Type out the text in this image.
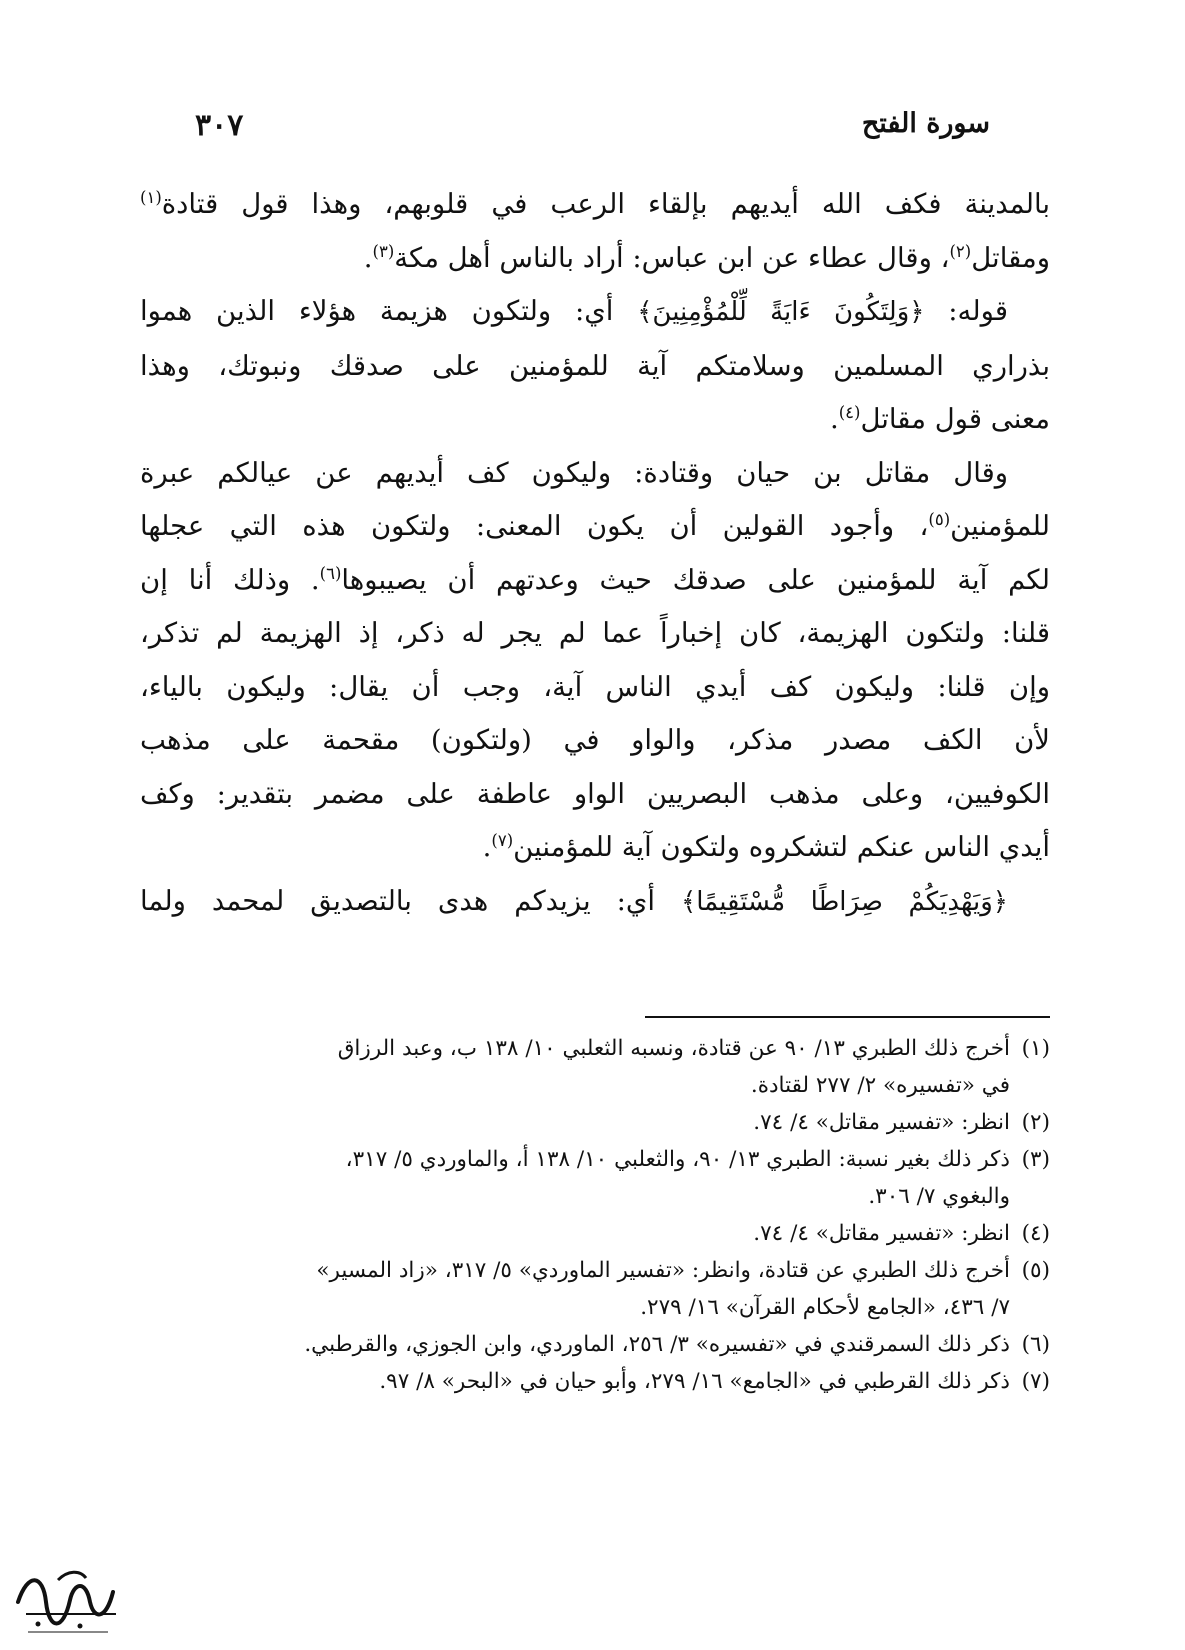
سورة الفتح
٣٠٧

بالمدينة فكف الله أيديهم بإلقاء الرعب في قلوبهم، وهذا قول قتادة$^{(١)}$
ومقاتل$^{(٢)}$، وقال عطاء عن ابن عباس: أراد بالناس أهل مكة$^{(٣)}$.

قوله: ﴿وَلِتَكُونَ ءَايَةً لِّلْمُؤْمِنِينَ﴾ أي: ولتكون هزيمة هؤلاء الذين هموا
بذراري المسلمين وسلامتكم آية للمؤمنين على صدقك ونبوتك، وهذا
معنى قول مقاتل$^{(٤)}$.

وقال مقاتل بن حيان وقتادة: وليكون كف أيديهم عن عيالكم عبرة
للمؤمنين$^{(٥)}$، وأجود القولين أن يكون المعنى: ولتكون هذه التي عجلها
لكم آية للمؤمنين على صدقك حيث وعدتهم أن يصيبوها$^{(٦)}$. وذلك أنا إن
قلنا: ولتكون الهزيمة، كان إخباراً عما لم يجر له ذكر، إذ الهزيمة لم تذكر،
وإن قلنا: وليكون كف أيدي الناس آية، وجب أن يقال: وليكون بالياء،
لأن الكف مصدر مذكر، والواو في (ولتكون) مقحمة على مذهب
الكوفيين، وعلى مذهب البصريين الواو عاطفة على مضمر بتقدير: وكف
أيدي الناس عنكم لتشكروه ولتكون آية للمؤمنين$^{(٧)}$.

﴿وَيَهْدِيَكُمْ صِرَاطًا مُّسْتَقِيمًا﴾ أي: يزيدكم هدى بالتصديق لمحمد ولما

(١)
أخرج ذلك الطبري ١٣/ ٩٠ عن قتادة، ونسبه الثعلبي ١٠/ ١٣٨ ب، وعبد الرزاق
في «تفسيره» ٢/ ٢٧٧ لقتادة.
(٢)
انظر: «تفسير مقاتل» ٤/ ٧٤.
(٣)
ذكر ذلك بغير نسبة: الطبري ١٣/ ٩٠، والثعلبي ١٠/ ١٣٨ أ، والماوردي ٥/ ٣١٧،
والبغوي ٧/ ٣٠٦.
(٤)
انظر: «تفسير مقاتل» ٤/ ٧٤.
(٥)
أخرج ذلك الطبري عن قتادة، وانظر: «تفسير الماوردي» ٥/ ٣١٧، «زاد المسير»
٧/ ٤٣٦، «الجامع لأحكام القرآن» ١٦/ ٢٧٩.
(٦)
ذكر ذلك السمرقندي في «تفسيره» ٣/ ٢٥٦، الماوردي، وابن الجوزي، والقرطبي.
(٧)
ذكر ذلك القرطبي في «الجامع» ١٦/ ٢٧٩، وأبو حيان في «البحر» ٨/ ٩٧.
